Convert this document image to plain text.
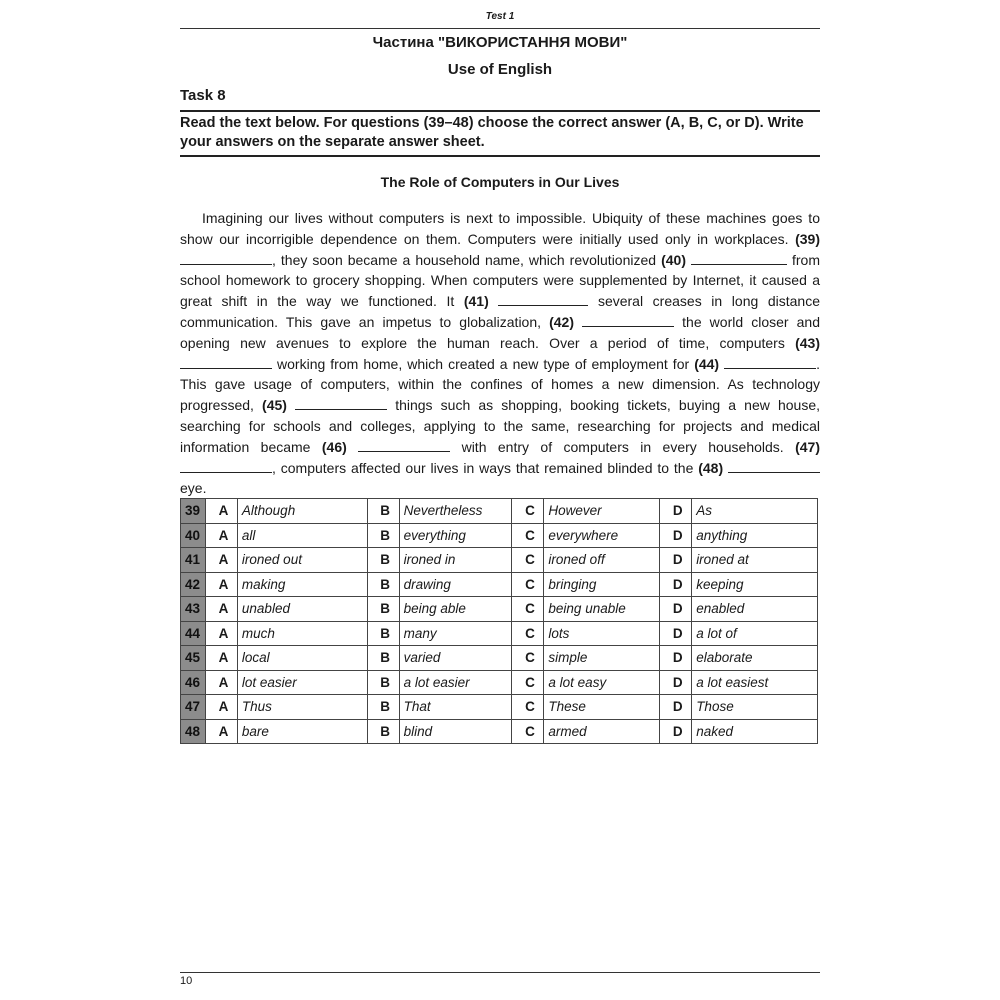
Test 1
Частина "ВИКОРИСТАННЯ МОВИ"
Use of English
Task 8
Read the text below. For questions (39–48) choose the correct answer (A, B, C, or D). Write your answers on the separate answer sheet.
The Role of Computers in Our Lives

Imagining our lives without computers is next to impossible. Ubiquity of these machines goes to show our incorrigible dependence on them. Computers were initially used only in workplaces. (39) , they soon became a household name, which revolutionized (40)	from school homework to grocery shopping. When computers were supplemented by Internet, it caused a great shift in the way we functioned. It (41)	several creases in long distance communication. This gave an impetus to globalization, (42)	the world closer and opening new avenues to explore the human reach. Over a period of time, computers (43)  working from home, which created a new type of employment for (44)	. This gave usage of computers, within the confines of homes a new dimension. As technology progressed, (45)	things such as shopping, booking tickets, buying a new house, searching for schools and colleges, applying to the same, researching for projects and medical information became (46)	with entry of computers in every households. (47) , computers affected our lives in ways that remained blinded to the (48)  eye.

39	A	Although	B	Nevertheless	C	However	D	As
40	A	all	B	everything	C	everywhere	D	anything
41	A	ironed out	B	ironed in	C	ironed off	D	ironed at
42	A	making	B	drawing	C	bringing	D	keeping
43	A	unabled	B	being able	C	being unable	D	enabled
44	A	much	B	many	C	lots	D	a lot of
45	A	local	B	varied	C	simple	D	elaborate
46	A	lot easier	B	a lot easier	C	a lot easy	D	a lot easiest
47	A	Thus	B	That	C	These	D	Those
48	A	bare	B	blind	C	armed	D	naked
10
